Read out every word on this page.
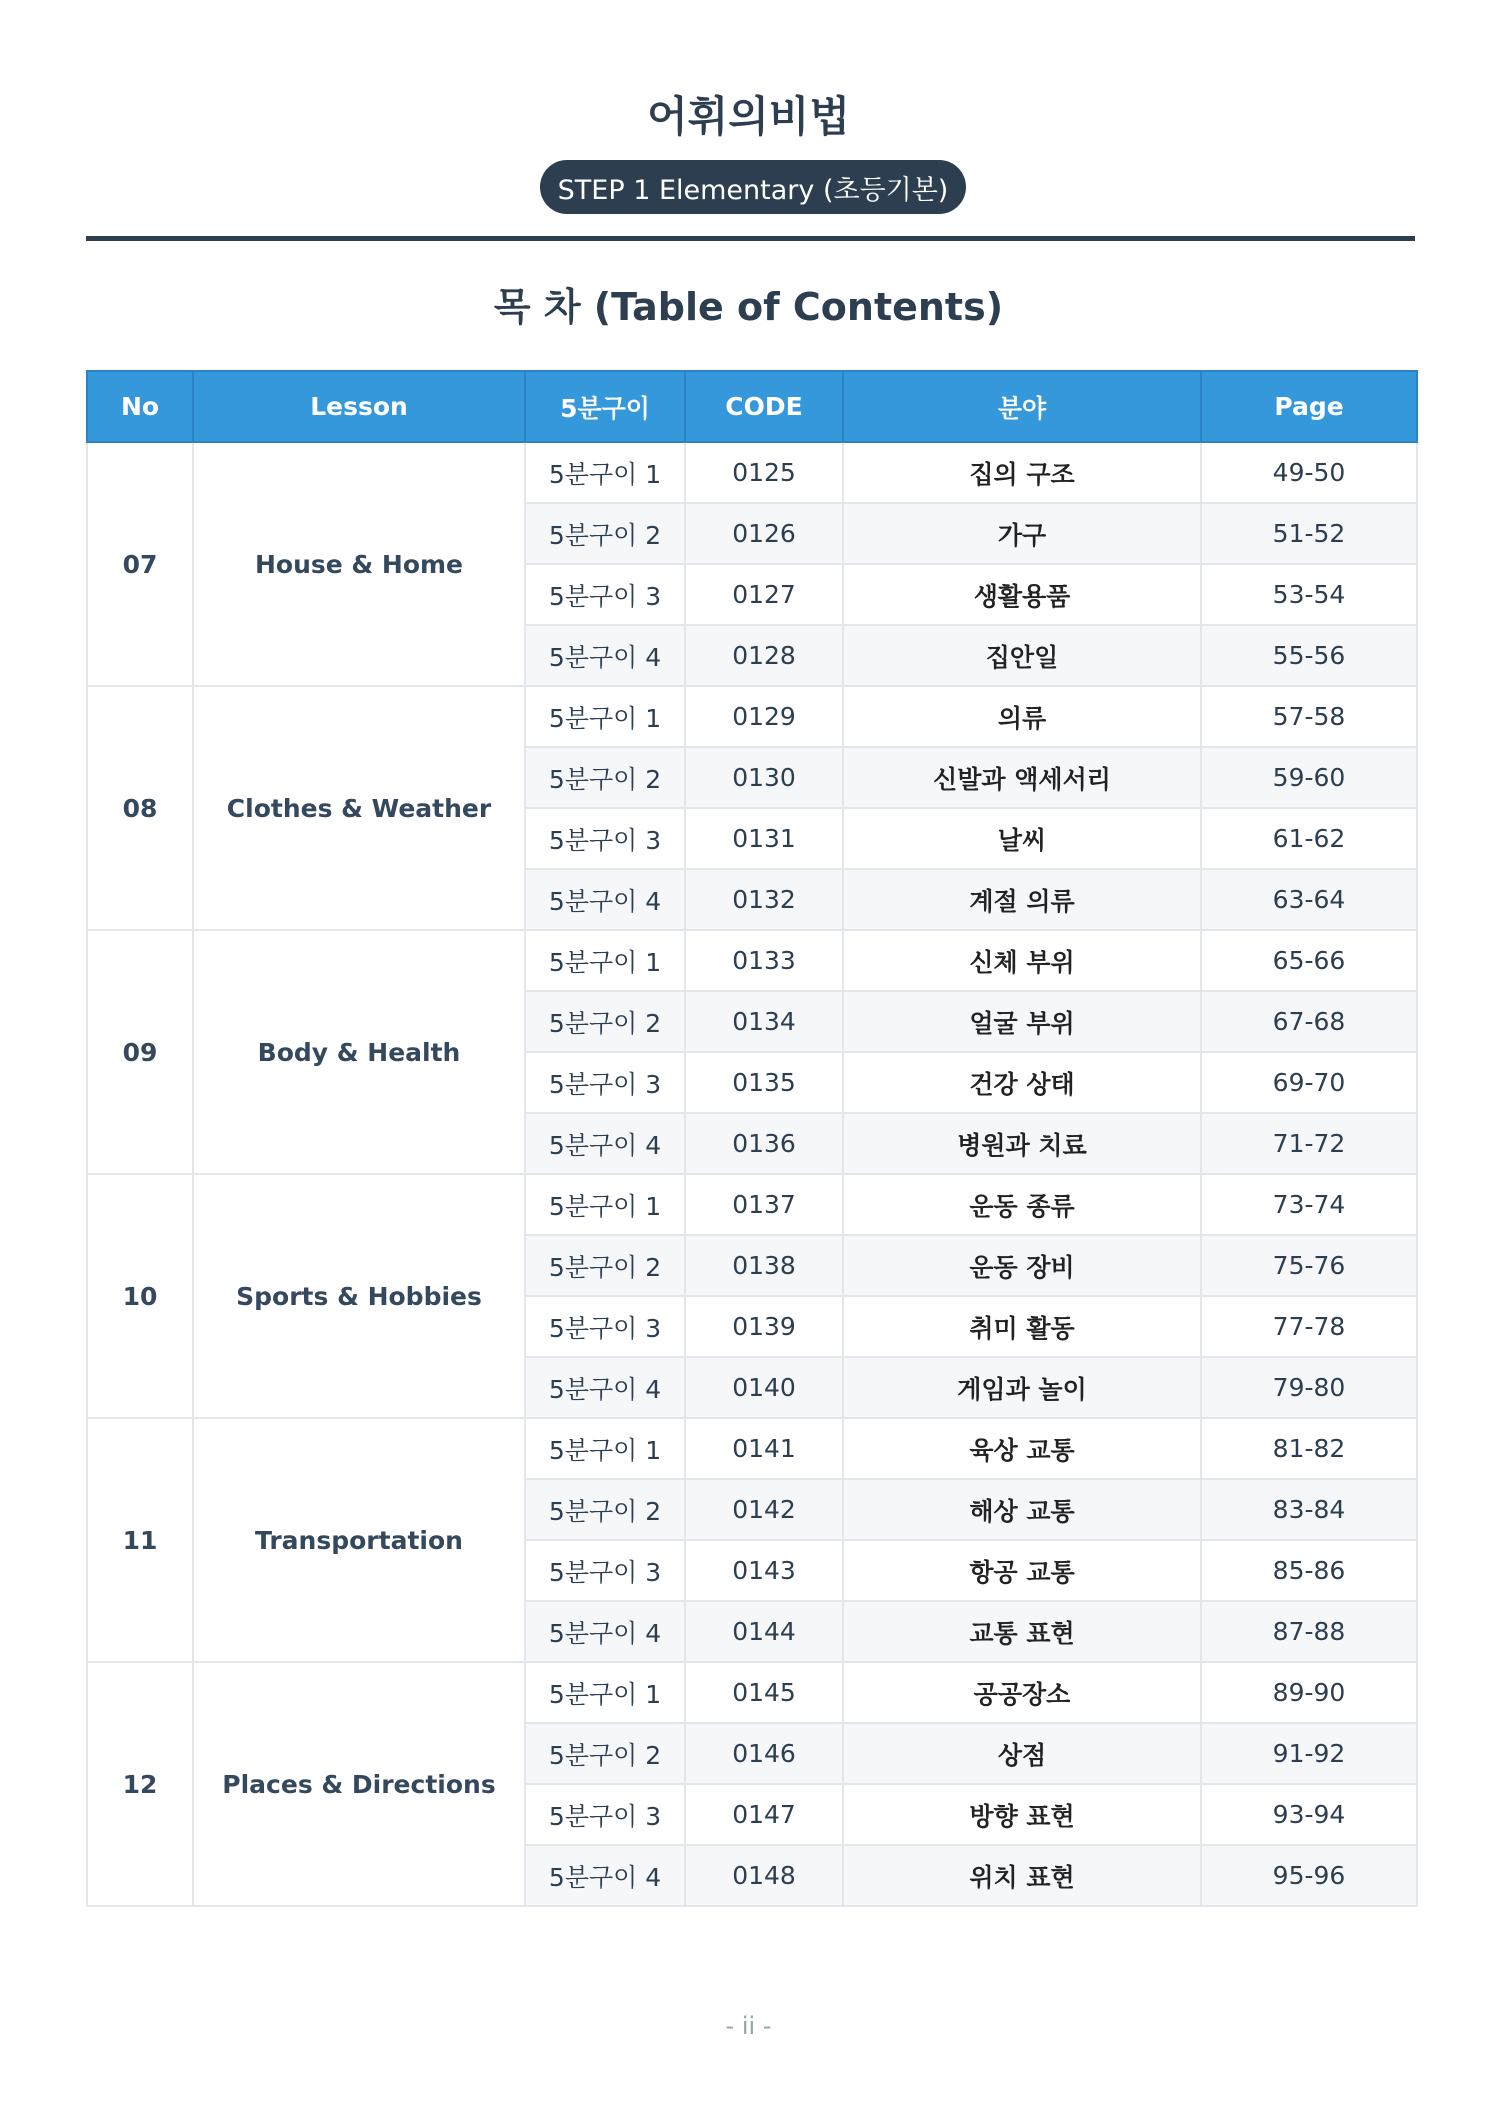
어휘의비법
STEP 1 Elementary (초등기본)
목 차 (Table of Contents)
No	Lesson	5분구이	CODE	분야	Page
07	House & Home	5분구이 1	0125	집의 구조	49-50
		5분구이 2	0126	가구	51-52
		5분구이 3	0127	생활용품	53-54
		5분구이 4	0128	집안일	55-56
08	Clothes & Weather	5분구이 1	0129	의류	57-58
		5분구이 2	0130	신발과 액세서리	59-60
		5분구이 3	0131	날씨	61-62
		5분구이 4	0132	계절 의류	63-64
09	Body & Health	5분구이 1	0133	신체 부위	65-66
		5분구이 2	0134	얼굴 부위	67-68
		5분구이 3	0135	건강 상태	69-70
		5분구이 4	0136	병원과 치료	71-72
10	Sports & Hobbies	5분구이 1	0137	운동 종류	73-74
		5분구이 2	0138	운동 장비	75-76
		5분구이 3	0139	취미 활동	77-78
		5분구이 4	0140	게임과 놀이	79-80
11	Transportation	5분구이 1	0141	육상 교통	81-82
		5분구이 2	0142	해상 교통	83-84
		5분구이 3	0143	항공 교통	85-86
		5분구이 4	0144	교통 표현	87-88
12	Places & Directions	5분구이 1	0145	공공장소	89-90
		5분구이 2	0146	상점	91-92
		5분구이 3	0147	방향 표현	93-94
		5분구이 4	0148	위치 표현	95-96
- ii -
